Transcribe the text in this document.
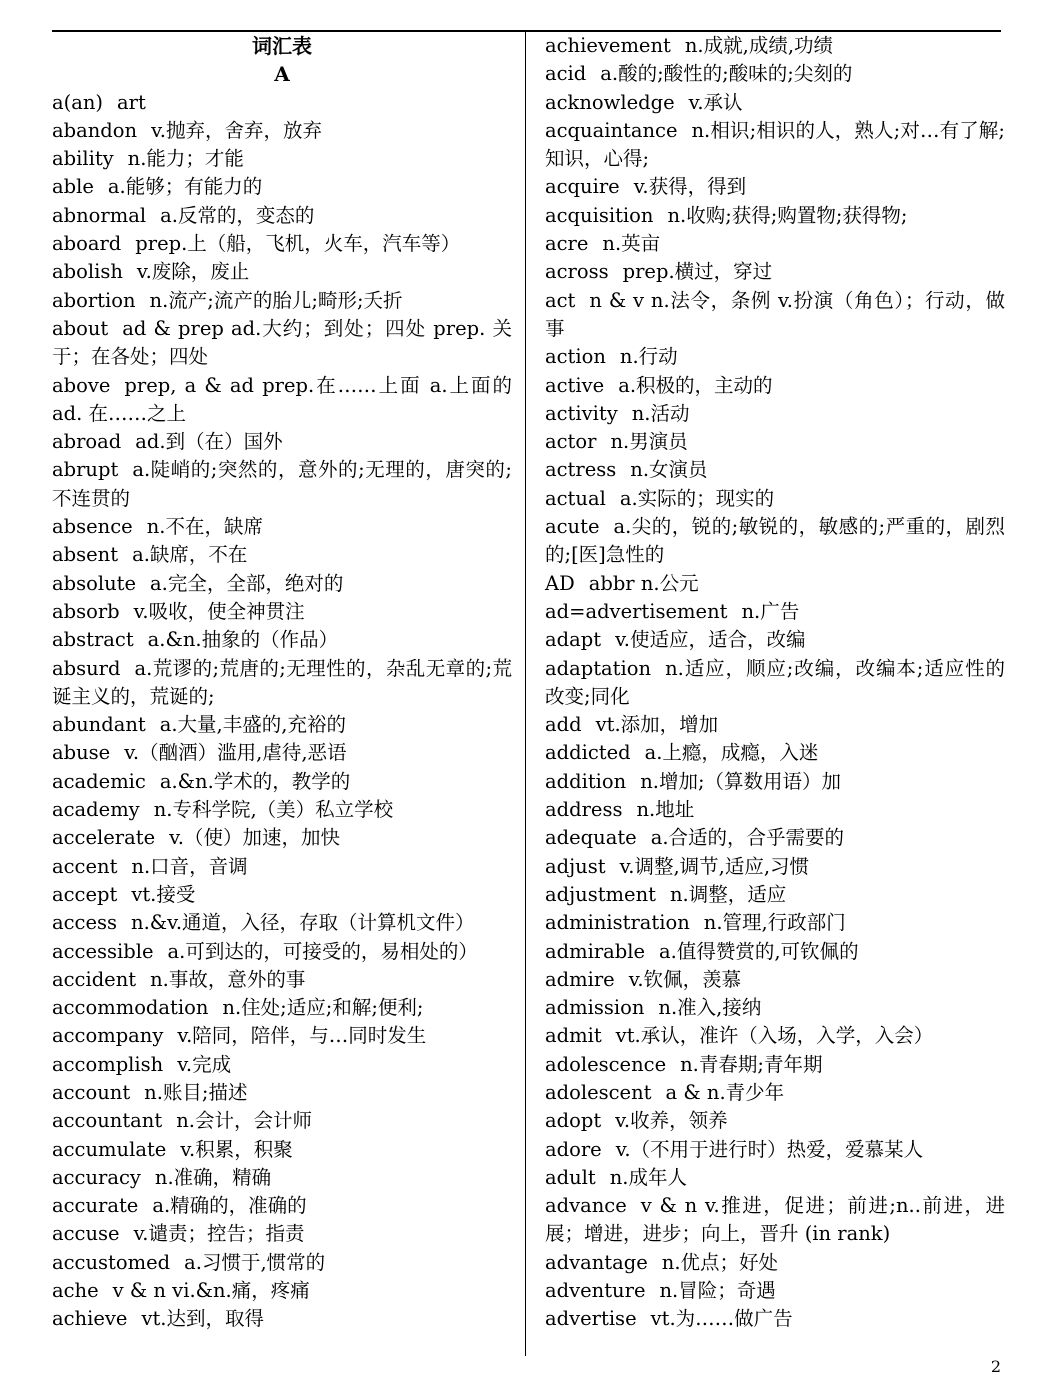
词汇表
A
a(an) art
abandon v.抛弃，舍弃，放弃
ability n.能力；才能
able a.能够；有能力的
abnormal a.反常的，变态的
aboard prep.上（船，飞机，火车，汽车等）
abolish v.废除，废止
abortion n.流产;流产的胎儿;畸形;夭折
about ad & prep ad.大约；到处；四处 prep. 关于；在各处；四处
above prep, a & ad prep.在……上面 a.上面的 ad. 在……之上
abroad ad.到（在）国外
abrupt a.陡峭的;突然的，意外的;无理的，唐突的;不连贯的
absence n.不在，缺席
absent a.缺席，不在
absolute a.完全，全部，绝对的
absorb v.吸收，使全神贯注
abstract a.&n.抽象的（作品）
absurd a.荒谬的;荒唐的;无理性的，杂乱无章的;荒诞主义的，荒诞的;
abundant a.大量,丰盛的,充裕的
abuse v.（酗酒）滥用,虐待,恶语
academic a.&n.学术的，教学的
academy n.专科学院,（美）私立学校
accelerate v.（使）加速，加快
accent n.口音，音调
accept vt.接受
access n.&v.通道，入径，存取（计算机文件）
accessible a.可到达的，可接受的，易相处的）
accident n.事故，意外的事
accommodation n.住处;适应;和解;便利;
accompany v.陪同，陪伴，与…同时发生
accomplish v.完成
account n.账目;描述
accountant n.会计，会计师
accumulate v.积累，积聚
accuracy n.准确，精确
accurate a.精确的，准确的
accuse v.谴责；控告；指责
accustomed a.习惯于,惯常的
ache v & n vi.&n.痛，疼痛
achieve vt.达到，取得
achievement n.成就,成绩,功绩
acid a.酸的;酸性的;酸味的;尖刻的
acknowledge v.承认
acquaintance n.相识;相识的人，熟人;对…有了解;知识，心得;
acquire v.获得，得到
acquisition n.收购;获得;购置物;获得物;
acre n.英亩
across prep.横过，穿过
act n & v n.法令，条例 v.扮演（角色）；行动，做事
action n.行动
active a.积极的，主动的
activity n.活动
actor n.男演员
actress n.女演员
actual a.实际的；现实的
acute a.尖的，锐的;敏锐的，敏感的;严重的，剧烈的;[医]急性的
AD abbr n.公元
ad=advertisement n.广告
adapt v.使适应，适合，改编
adaptation n.适应，顺应;改编，改编本;适应性的改变;同化
add vt.添加，增加
addicted a.上瘾，成瘾，入迷
addition n.增加;（算数用语）加
address n.地址
adequate a.合适的，合乎需要的
adjust v.调整,调节,适应,习惯
adjustment n.调整，适应
administration n.管理,行政部门
admirable a.值得赞赏的,可钦佩的
admire v.钦佩，羡慕
admission n.准入,接纳
admit vt.承认，准许（入场，入学，入会）
adolescence n.青春期;青年期
adolescent a & n.青少年
adopt v.收养，领养
adore v.（不用于进行时）热爱，爱慕某人
adult n.成年人
advance v & n v.推进，促进；前进;n..前进，进展；增进，进步；向上，晋升 (in rank)
advantage n.优点；好处
adventure n.冒险；奇遇
advertise vt.为……做广告
2
